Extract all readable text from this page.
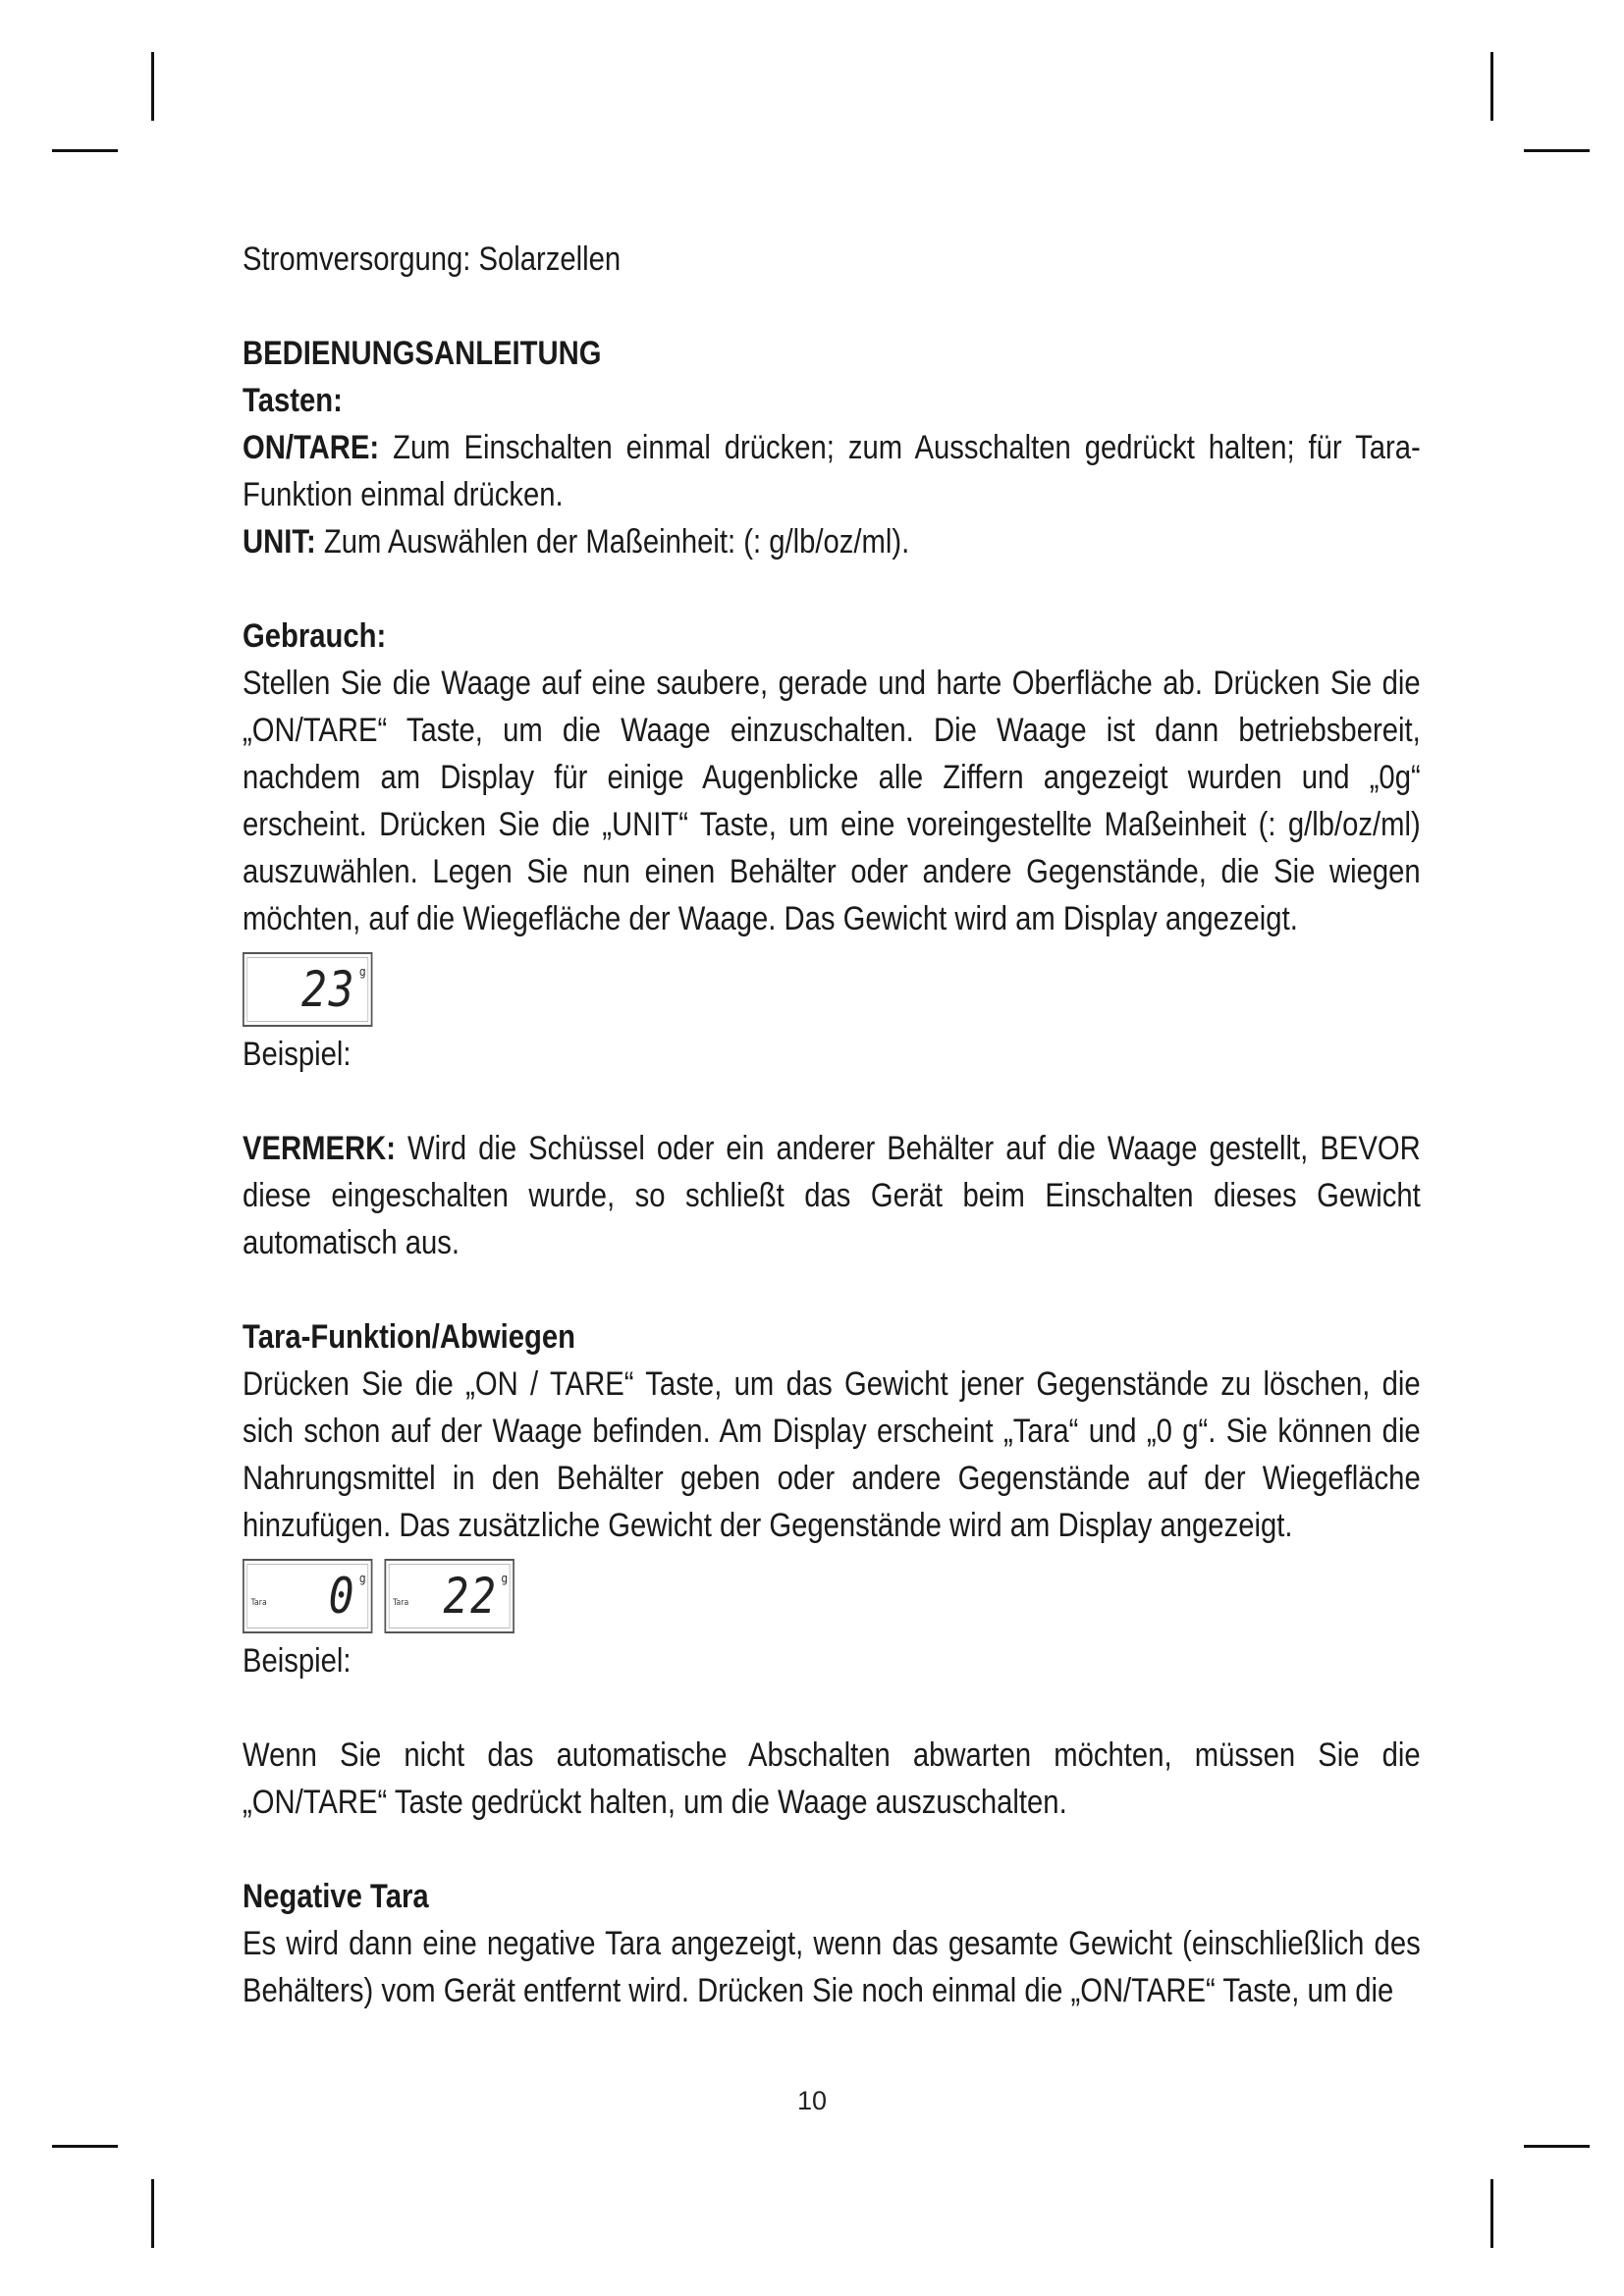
Stromversorgung: Solarzellen

BEDIENUNGSANLEITUNG

Tasten:

ON/TARE: Zum Einschalten einmal drücken; zum Ausschalten gedrückt halten; für Tara-Funktion einmal drücken.

UNIT: Zum Auswählen der Maßeinheit: (: g/lb/oz/ml).

Gebrauch:

Stellen Sie die Waage auf eine saubere, gerade und harte Oberfläche ab. Drücken Sie die „ON/TARE“ Taste, um die Waage einzuschalten. Die Waage ist dann betriebsbereit, nachdem am Display für einige Augenblicke alle Ziffern angezeigt wurden und „0g“ erscheint. Drücken Sie die „UNIT“ Taste, um eine voreingestellte Maßeinheit (: g/lb/oz/ml) auszuwählen. Legen Sie nun einen Behälter oder andere Gegenstände, die Sie wiegen möchten, auf die Wiegefläche der Waage. Das Gewicht wird am Display angezeigt.

23 g

Beispiel:

VERMERK: Wird die Schüssel oder ein anderer Behälter auf die Waage gestellt, BEVOR diese eingeschalten wurde, so schließt das Gerät beim Einschalten dieses Gewicht automatisch aus.

Tara-Funktion/Abwiegen

Drücken Sie die „ON / TARE“ Taste, um das Gewicht jener Gegenstände zu löschen, die sich schon auf der Waage befinden. Am Display erscheint „Tara“ und „0 g“. Sie können die Nahrungsmittel in den Behälter geben oder andere Gegenstände auf der Wiegefläche hinzufügen. Das zusätzliche Gewicht der Gegenstände wird am Display angezeigt.

Tara 0 g
Tara 22 g

Beispiel:

Wenn Sie nicht das automatische Abschalten abwarten möchten, müssen Sie die „ON/TARE“ Taste gedrückt halten, um die Waage auszuschalten.

Negative Tara

Es wird dann eine negative Tara angezeigt, wenn das gesamte Gewicht (einschließlich des Behälters) vom Gerät entfernt wird. Drücken Sie noch einmal die „ON/TARE“ Taste, um die

10
